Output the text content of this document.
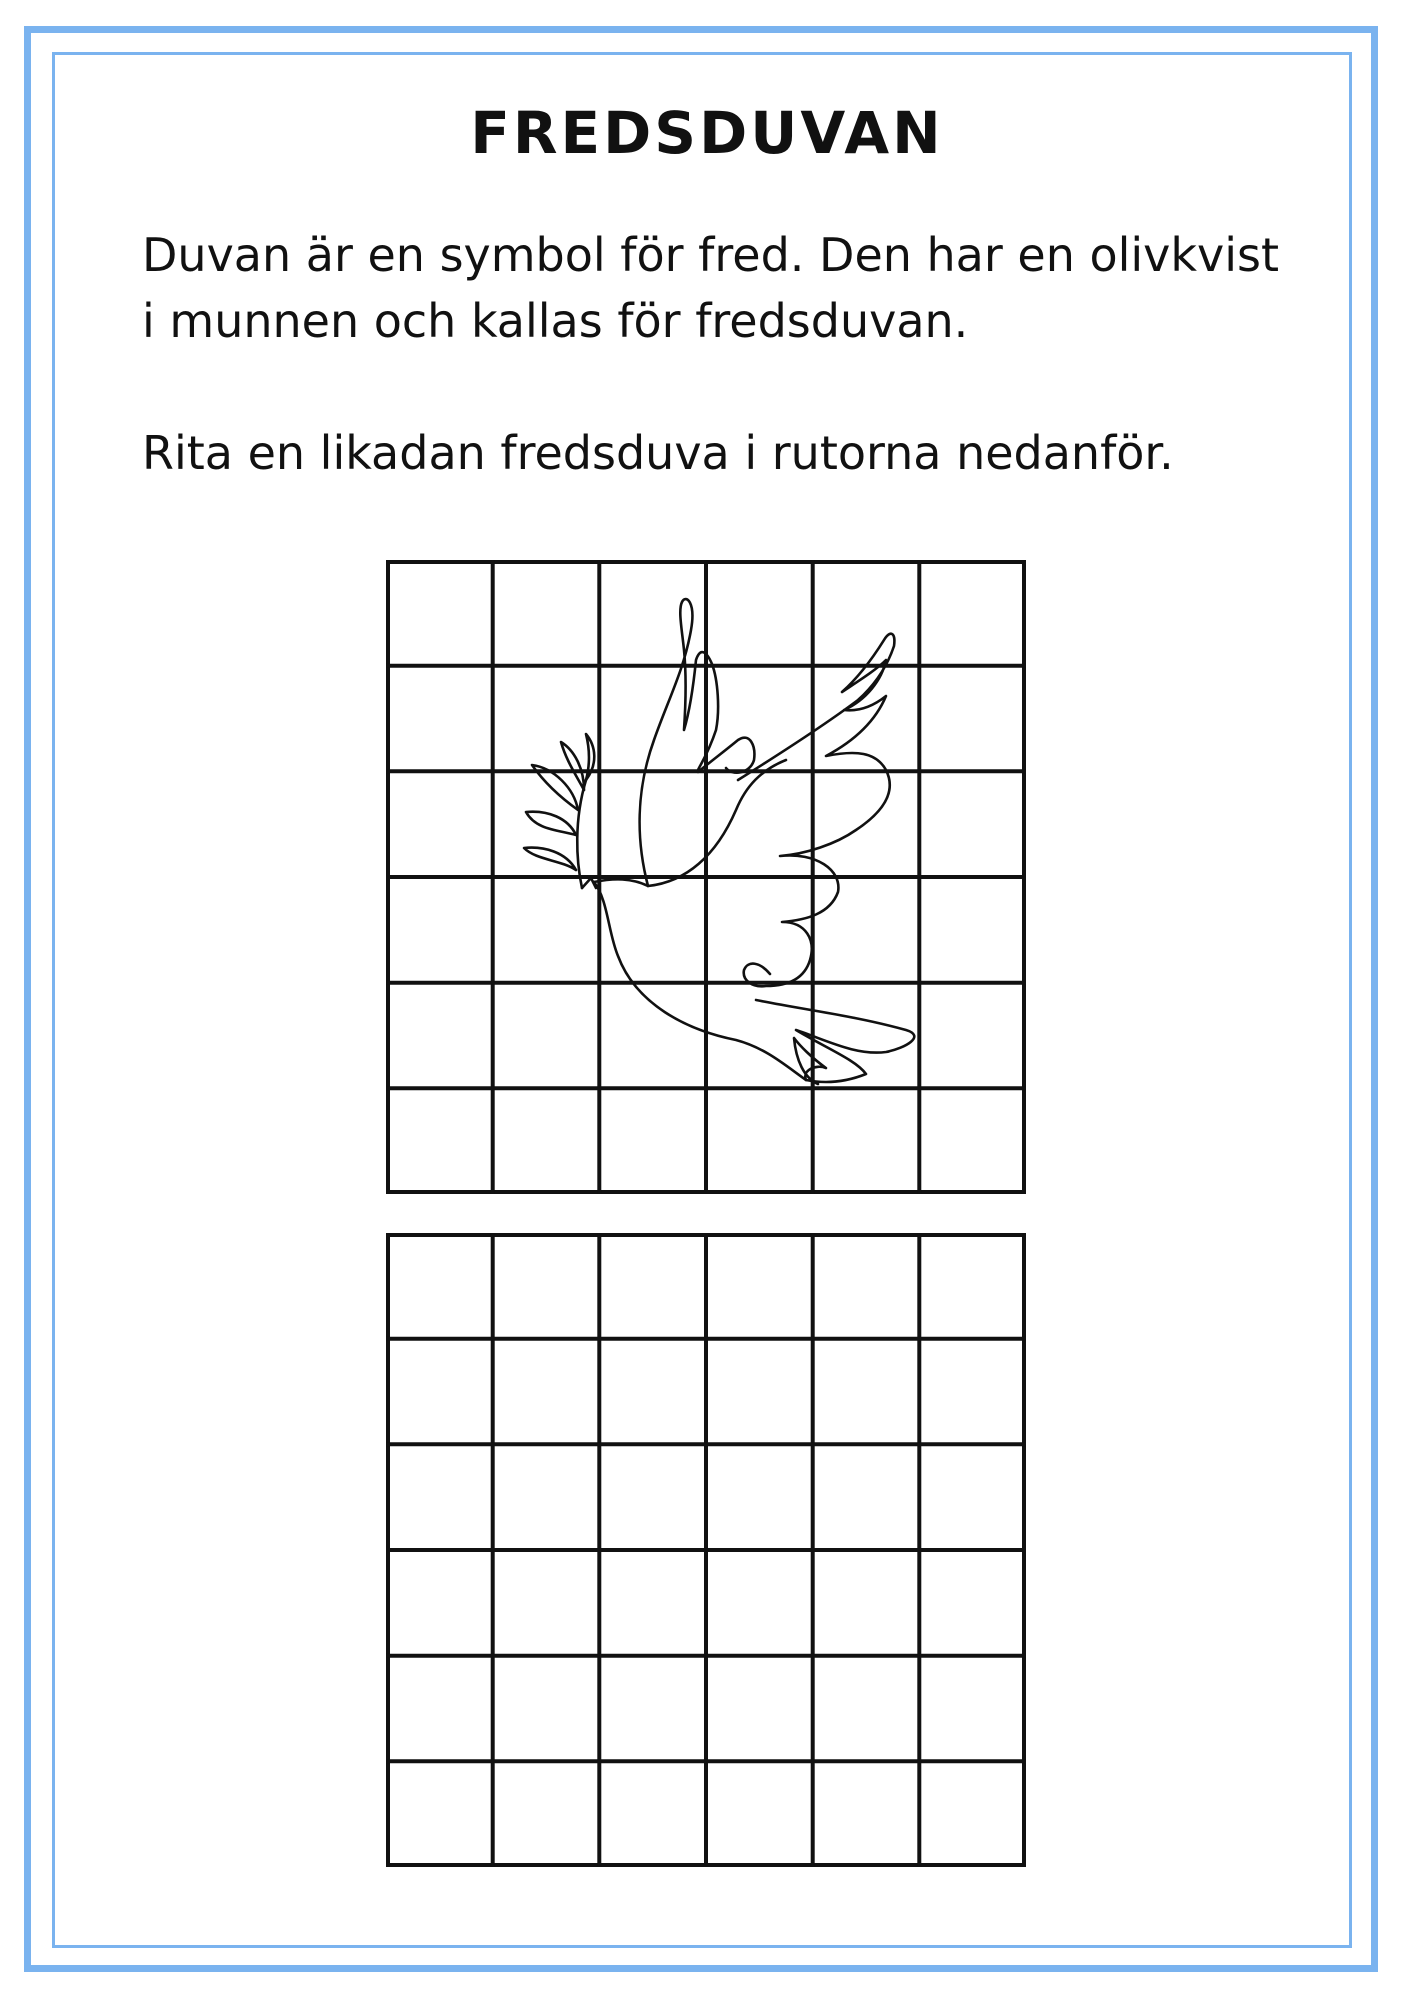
FREDSDUVAN

Duvan är en symbol för fred. Den har en olivkvist i munnen och kallas för fredsduvan.

Rita en likadan fredsduva i rutorna nedanför.
